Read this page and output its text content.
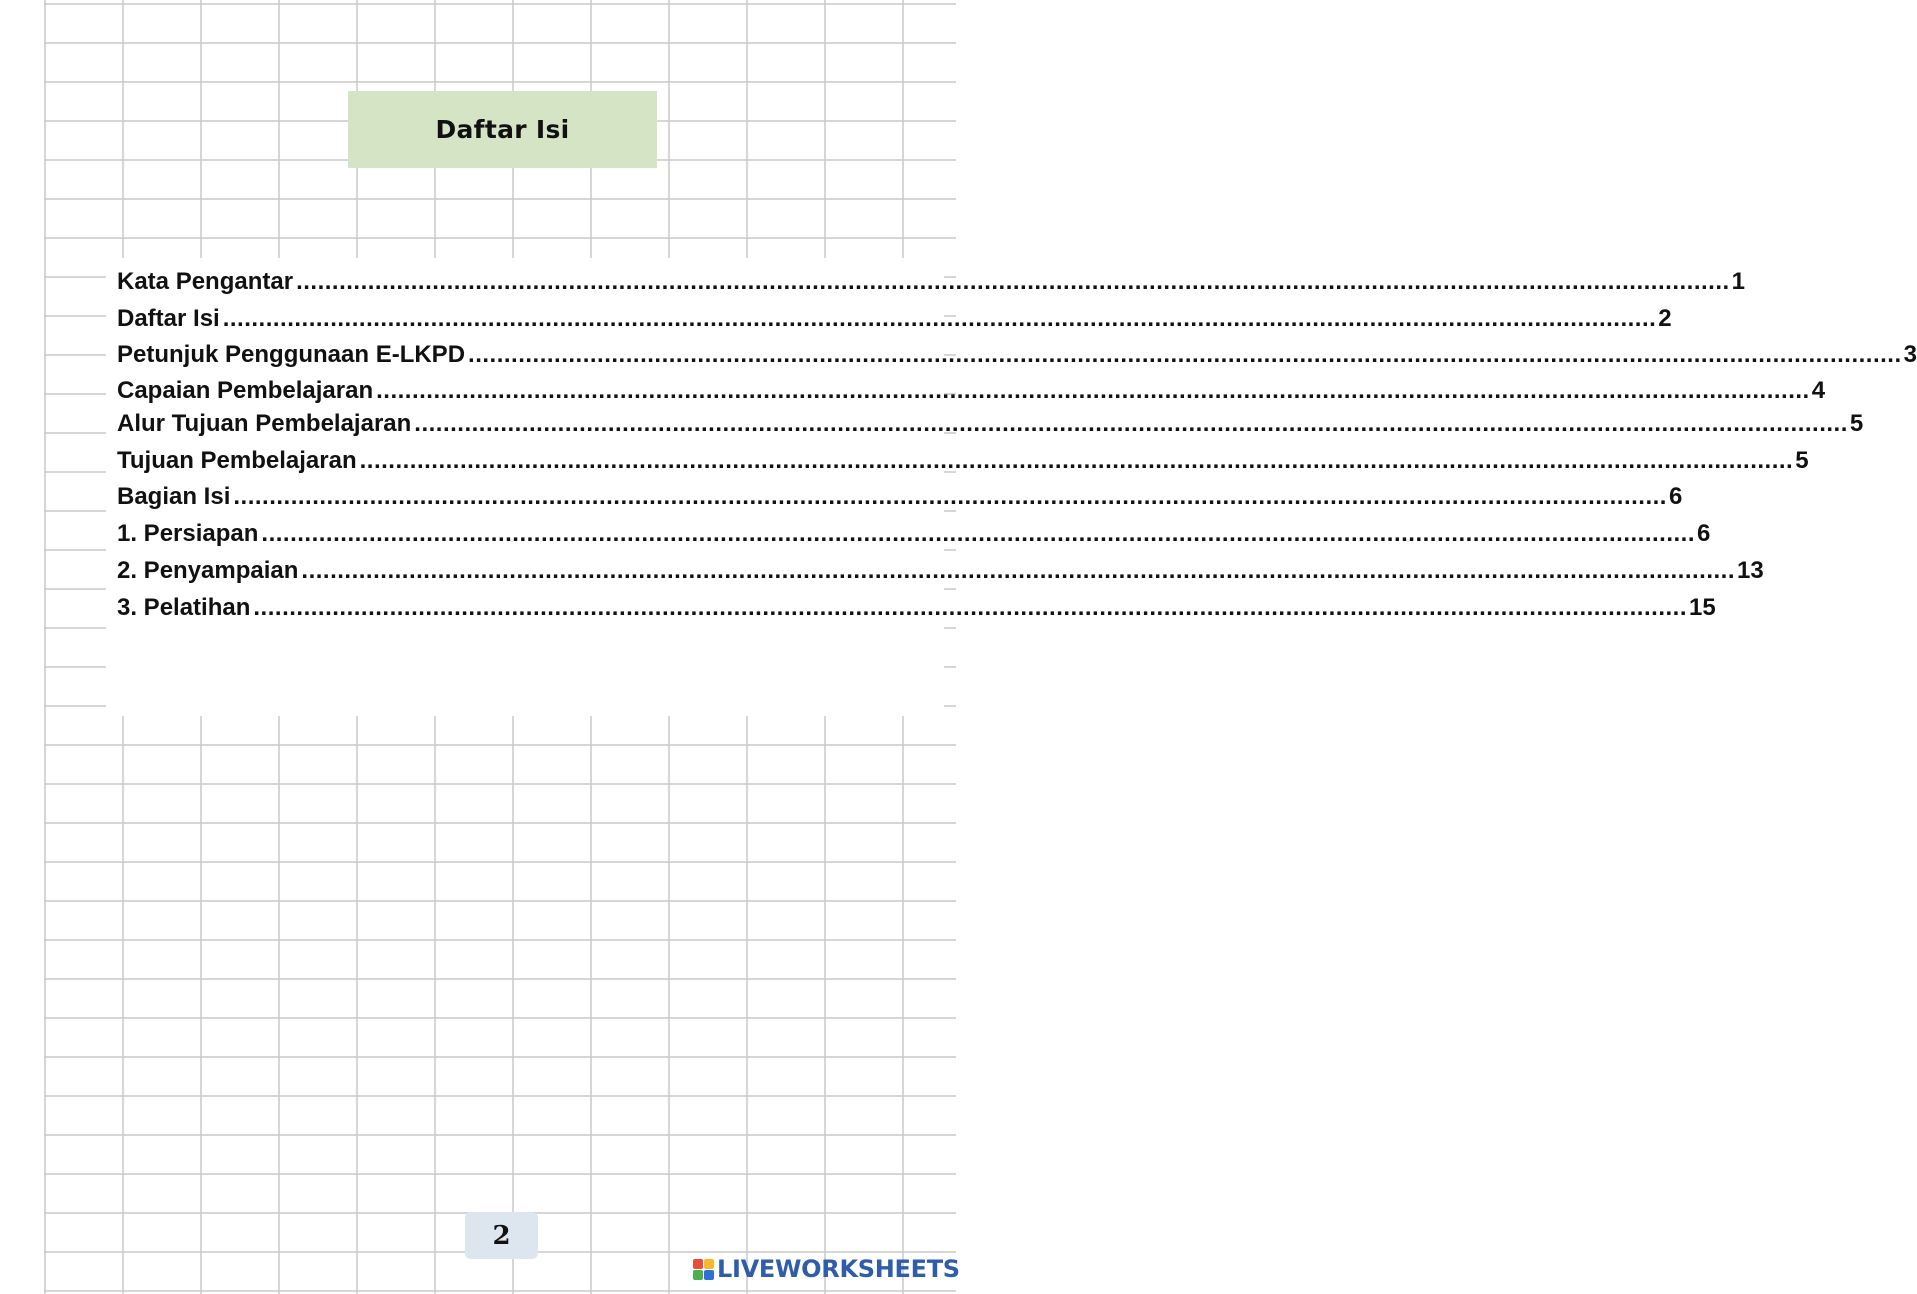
Daftar Isi
Kata Pengantar ........................................................................................................................................................................................................ 1
Daftar Isi ........................................................................................................................................................................................................ 2
Petunjuk Penggunaan E-LKPD ........................................................................................................................................................................................................ 3
Capaian Pembelajaran ........................................................................................................................................................................................................ 4
Alur Tujuan Pembelajaran ........................................................................................................................................................................................................ 5
Tujuan Pembelajaran ........................................................................................................................................................................................................ 5
Bagian Isi ........................................................................................................................................................................................................ 6
1. Persiapan ........................................................................................................................................................................................................ 6
2. Penyampaian ........................................................................................................................................................................................................ 13
3. Pelatihan ........................................................................................................................................................................................................ 15
2
LIVEWORKSHEETS
